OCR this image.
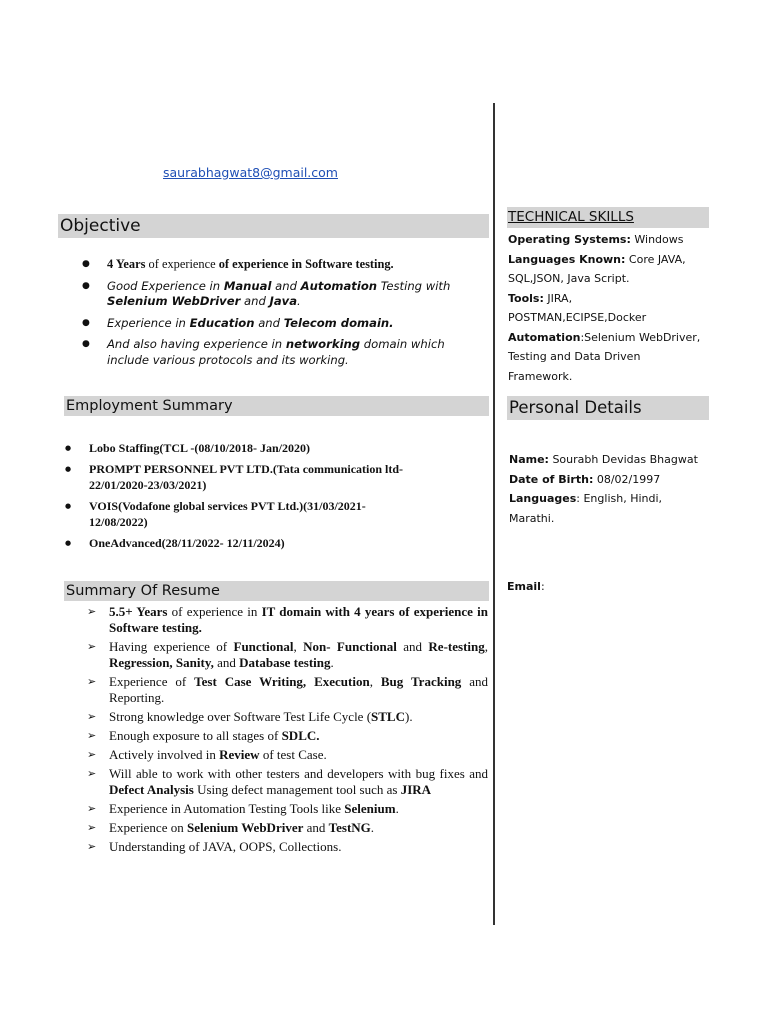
saurabhagwat8@gmail.com
Objective
● 4 Years of experience of experience in Software testing.
● Good Experience in Manual and Automation Testing with Selenium WebDriver and Java.
● Experience in Education and Telecom domain.
● And also having experience in networking domain which include various protocols and its working.
Employment Summary
● Lobo Staffing(TCL -(08/10/2018- Jan/2020)
● PROMPT PERSONNEL PVT LTD.(Tata communication ltd-22/01/2020-23/03/2021)
● VOIS(Vodafone global services PVT Ltd.)(31/03/2021- 12/08/2022)
● OneAdvanced(28/11/2022- 12/11/2024)
Summary Of Resume
➢ 5.5+ Years of experience in IT domain with 4 years of experience in Software testing.
➢ Having experience of Functional, Non- Functional and Re-testing, Regression, Sanity, and Database testing.
➢ Experience of Test Case Writing, Execution, Bug Tracking and Reporting.
➢ Strong knowledge over Software Test Life Cycle (STLC).
➢ Enough exposure to all stages of SDLC.
➢ Actively involved in Review of test Case.
➢ Will able to work with other testers and developers with bug fixes and Defect Analysis Using defect management tool such as JIRA
➢ Experience in Automation Testing Tools like Selenium.
➢ Experience on Selenium WebDriver and TestNG.
➢ Understanding of JAVA, OOPS, Collections.
TECHNICAL SKILLS
Operating Systems: Windows
Languages Known: Core JAVA,
SQL,JSON, Java Script.
Tools: JIRA, POSTMAN,ECIPSE,Docker
Automation:Selenium WebDriver,
Testing and Data Driven Framework.
Personal Details
Name: Sourabh Devidas Bhagwat
Date of Birth: 08/02/1997
Languages: English, Hindi, Marathi.
Email:
